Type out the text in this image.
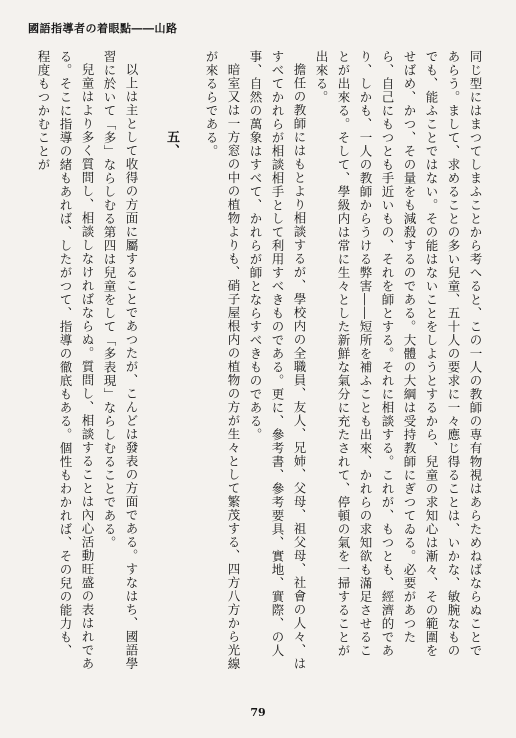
國語指導者の着眼點――山路

同じ型にはまつてしまふことから考へると、この一人の教師の専有物視はあらためねばならぬことであらう。まして、求めることの多い兒童、五十人の要求に一々應じ得ることは、いかな、敏腕なものでも、能ふことではない。その能はないことをしようとするから、兒童の求知心は漸々、その範圍をせばめ、かつ、その量をも減殺するのである。大體の大綱は受持教師にぎつてゐる。必要があつたら、自己にもつとも手近いもの、それを師とする。それに相談する。これが、もつとも、經濟的であり、しかも、一人の教師からうける弊害――短所を補ふことも出來、かれらの求知欲も滿足させることが出來る。そして、學級内は常に生々とした新鮮な氣分に充たされて、停頓の氣を一掃することが出來る。

擔任の教師にはもとより相談するが、學校内の全職員、友人、兄姉、父母、祖父母、社會の人々、はすべてかれらが相談相手として利用すべきものである。更に、參考書、參考要具、實地、實際、の人事、自然の萬象はすべて、かれらが師とならすべきものである。

暗室又は一方窓の中の植物よりも、硝子屋根内の植物の方が生々として繁茂する、四方八方から光線が來るらである。

五、

以上は主として收得の方面に屬することであつたが、こんどは發表の方面である。すなはち、國語學習に於いて「多」ならしむる第四は兒童をして「多表現」ならしむることである。

兒童はより多く質問し、相談しなければならぬ。質問し、相談することは內心活動旺盛の表はれである。そこに指導の緒もあれば、したがつて、指導の徹底もある。個性もわかれば、その兒の能力も、程度もつかむことが

79
